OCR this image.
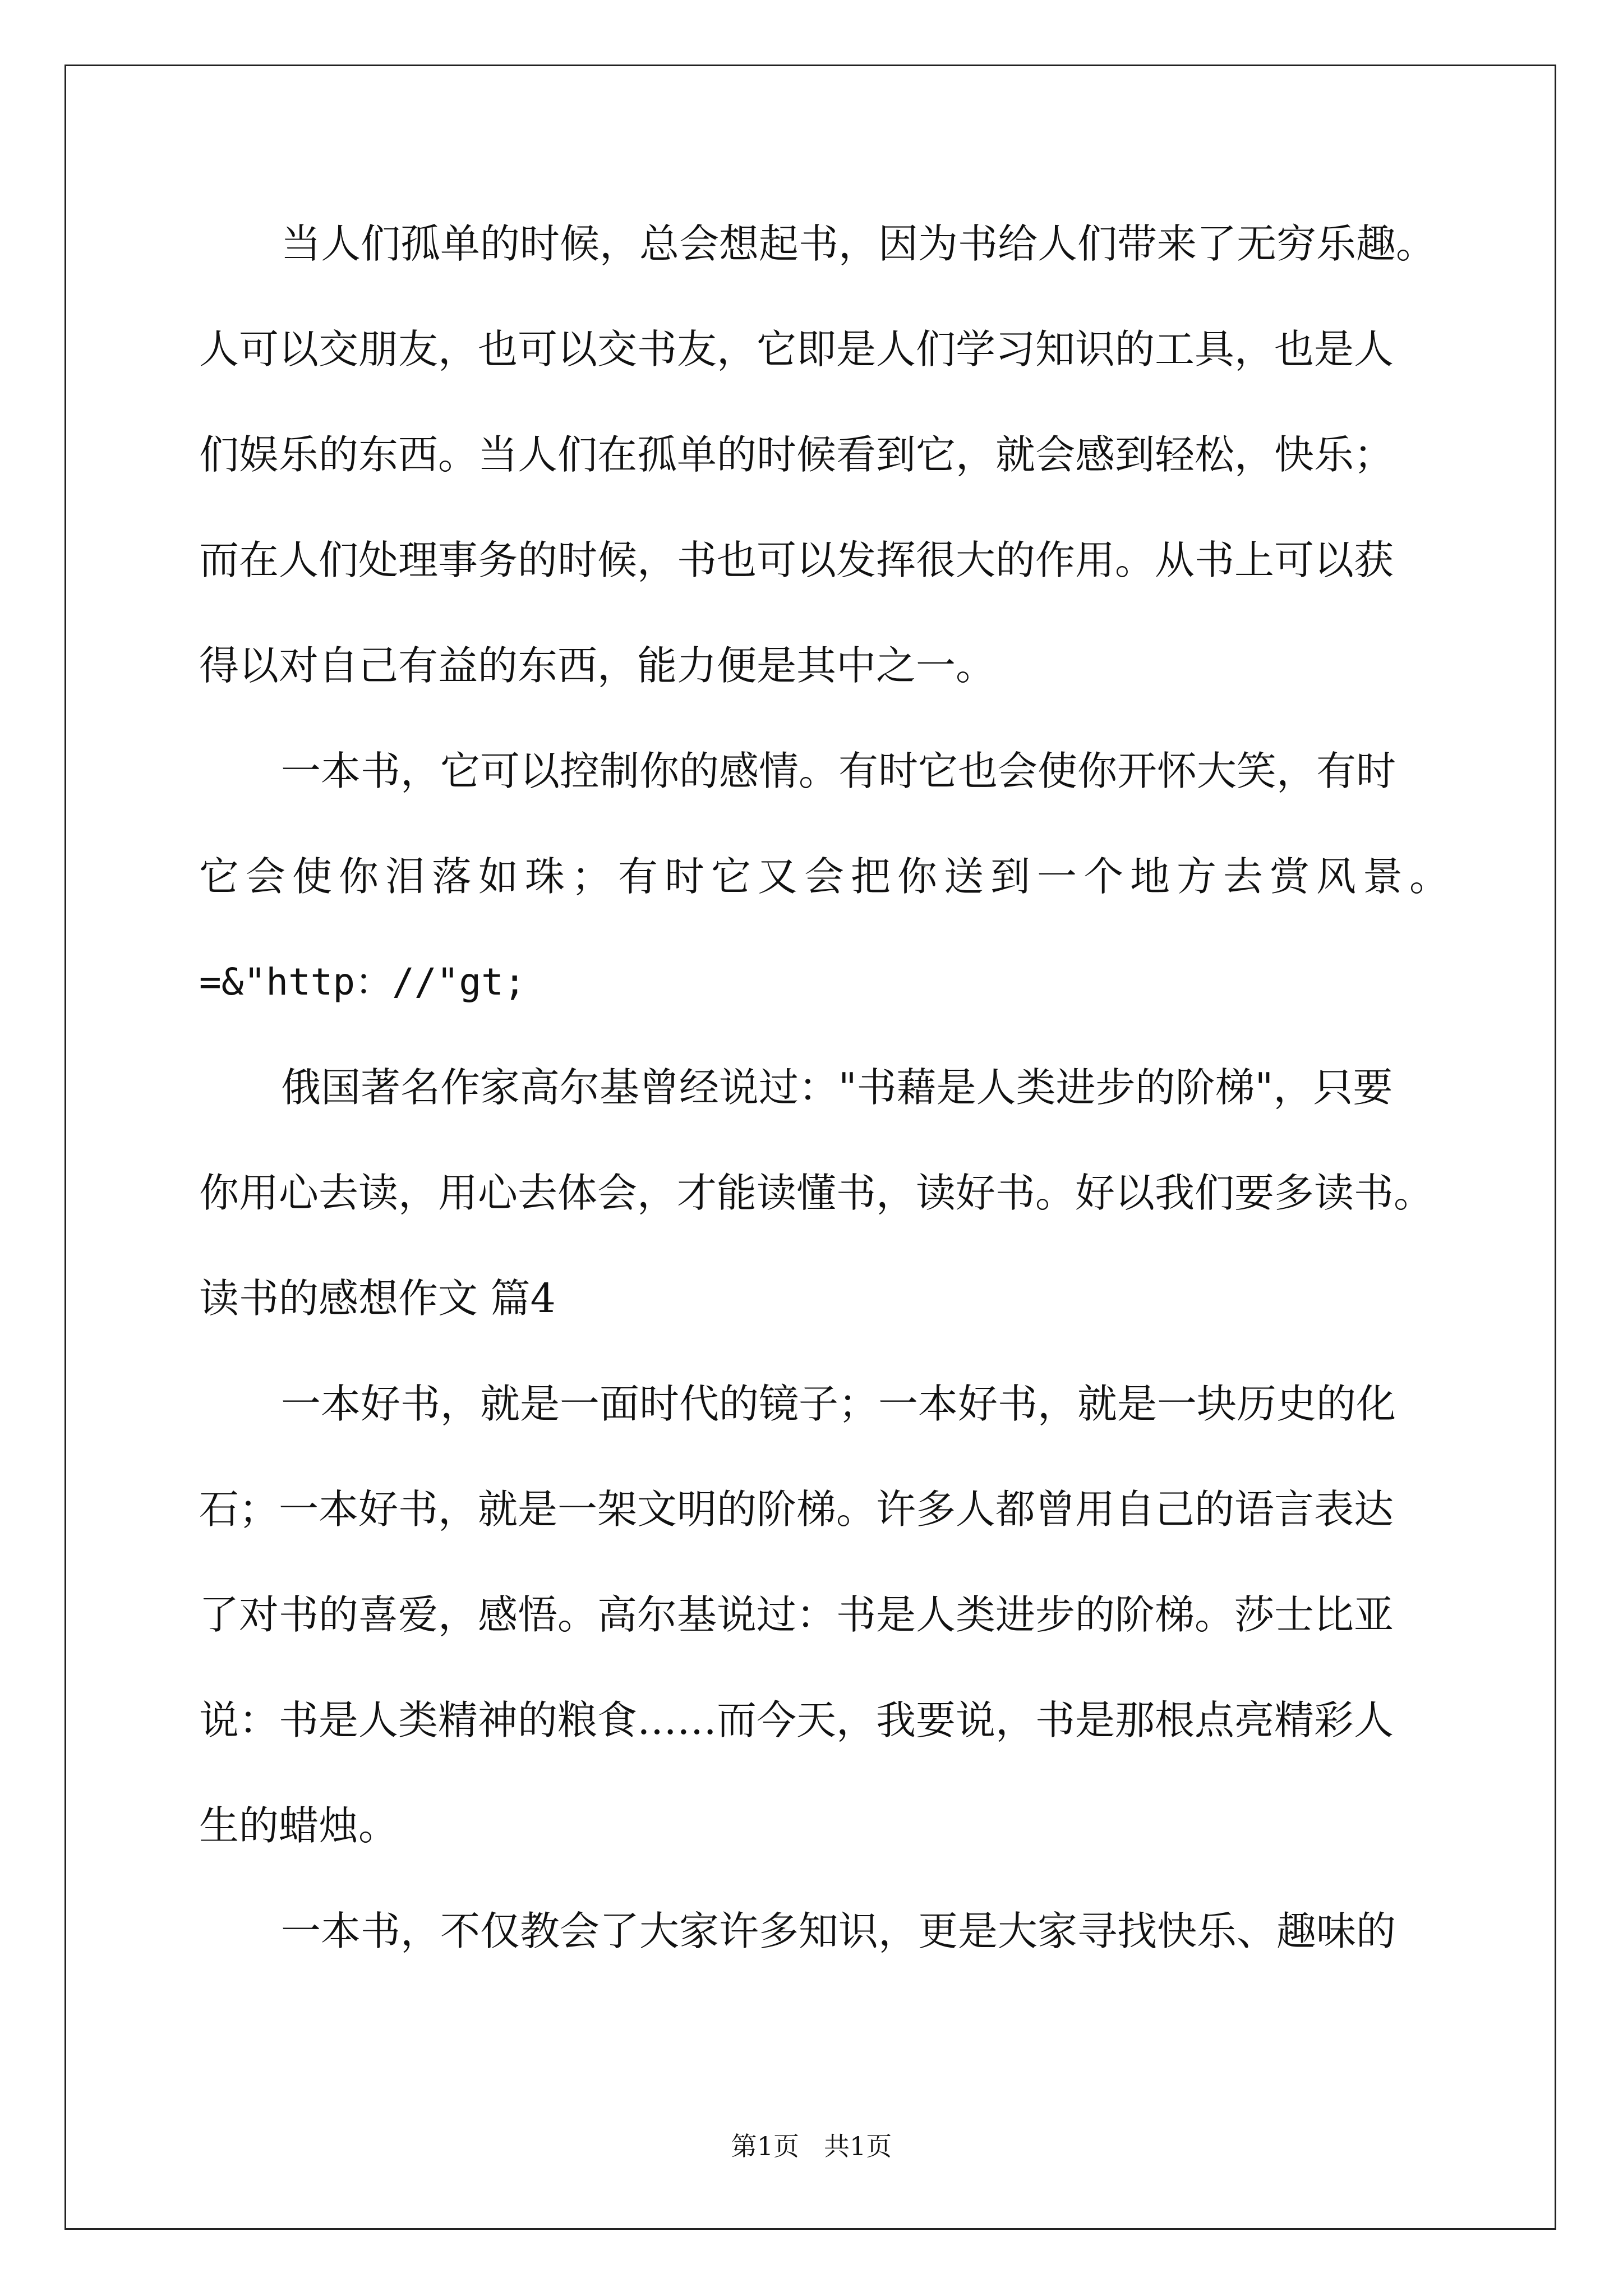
当人们孤单的时候，总会想起书，因为书给人们带来了无穷乐趣。
人可以交朋友，也可以交书友，它即是人们学习知识的工具，也是人
们娱乐的东西。当人们在孤单的时候看到它，就会感到轻松，快乐；
而在人们处理事务的时候，书也可以发挥很大的作用。从书上可以获
得以对自己有益的东西，能力便是其中之一。
一本书，它可以控制你的感情。有时它也会使你开怀大笑，有时
它会使你泪落如珠；有时它又会把你送到一个地方去赏风景。
=&"http：//"gt;
俄国著名作家高尔基曾经说过："书藉是人类进步的阶梯"，只要
你用心去读，用心去体会，才能读懂书，读好书。好以我们要多读书。
读书的感想作文 篇4
一本好书，就是一面时代的镜子；一本好书，就是一块历史的化
石；一本好书，就是一架文明的阶梯。许多人都曾用自己的语言表达
了对书的喜爱，感悟。高尔基说过：书是人类进步的阶梯。莎士比亚
说：书是人类精神的粮食……而今天，我要说，书是那根点亮精彩人
生的蜡烛。
一本书，不仅教会了大家许多知识，更是大家寻找快乐、趣味的
第1页 共1页
